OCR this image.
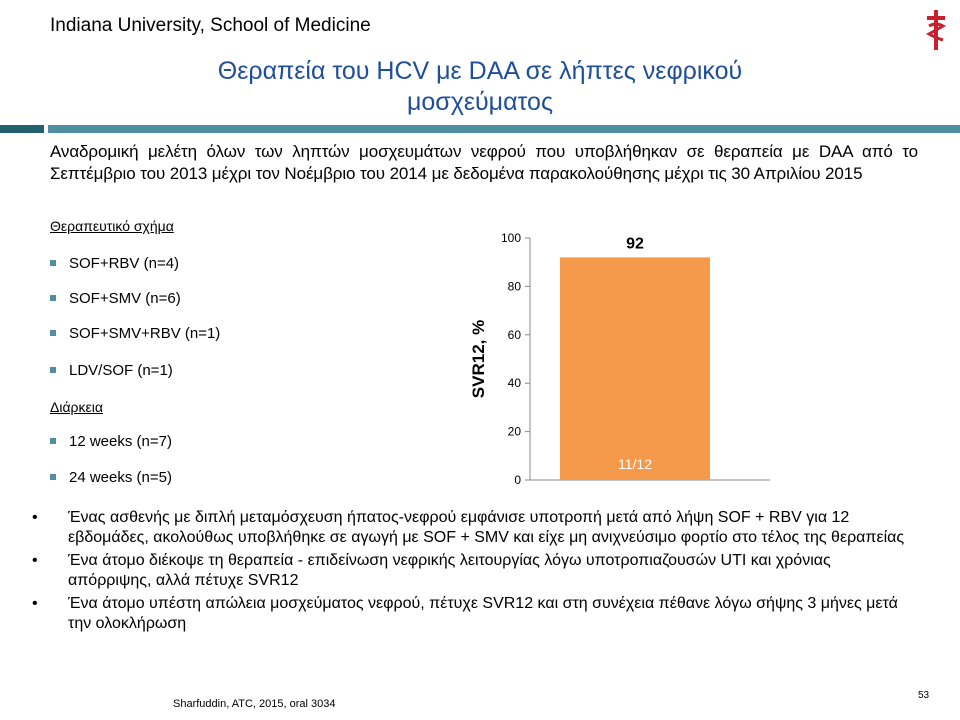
Indiana University, School of Medicine
Θεραπεία του HCV με DAA σε λήπτες νεφρικού
μοσχεύματος
Αναδρομική μελέτη όλων των ληπτών μοσχευμάτων νεφρού που υποβλήθηκαν σε θεραπεία με DAA από το Σεπτέμβριο του 2013 μέχρι τον Νοέμβριο του 2014 με δεδομένα παρακολούθησης μέχρι τις 30 Απριλίου 2015
Θεραπευτικό σχήμα
SOF+RBV (n=4)
SOF+SMV (n=6)
SOF+SMV+RBV (n=1)
LDV/SOF (n=1)
Διάρκεια
12 weeks (n=7)
24 weeks (n=5)	0
20
40
60
80
100
SVR12, %
92
11/12
• Ένας ασθενής με διπλή μεταμόσχευση ήπατος-νεφρού εμφάνισε υποτροπή μετά από λήψη SOF + RBV για 12 εβδομάδες, ακολούθως υποβλήθηκε σε αγωγή με SOF + SMV και είχε μη ανιχνεύσιμο φορτίο στο τέλος της θεραπείας
• Ένα άτομο διέκοψε τη θεραπεία - επιδείνωση νεφρικής λειτουργίας λόγω υποτροπιαζουσών UTI και χρόνιας απόρριψης, αλλά πέτυχε SVR12
• Ένα άτομο υπέστη απώλεια μοσχεύματος νεφρού, πέτυχε SVR12 και στη συνέχεια πέθανε λόγω σήψης 3 μήνες μετά την ολοκλήρωση
Sharfuddin, ATC, 2015, oral 3034
53
